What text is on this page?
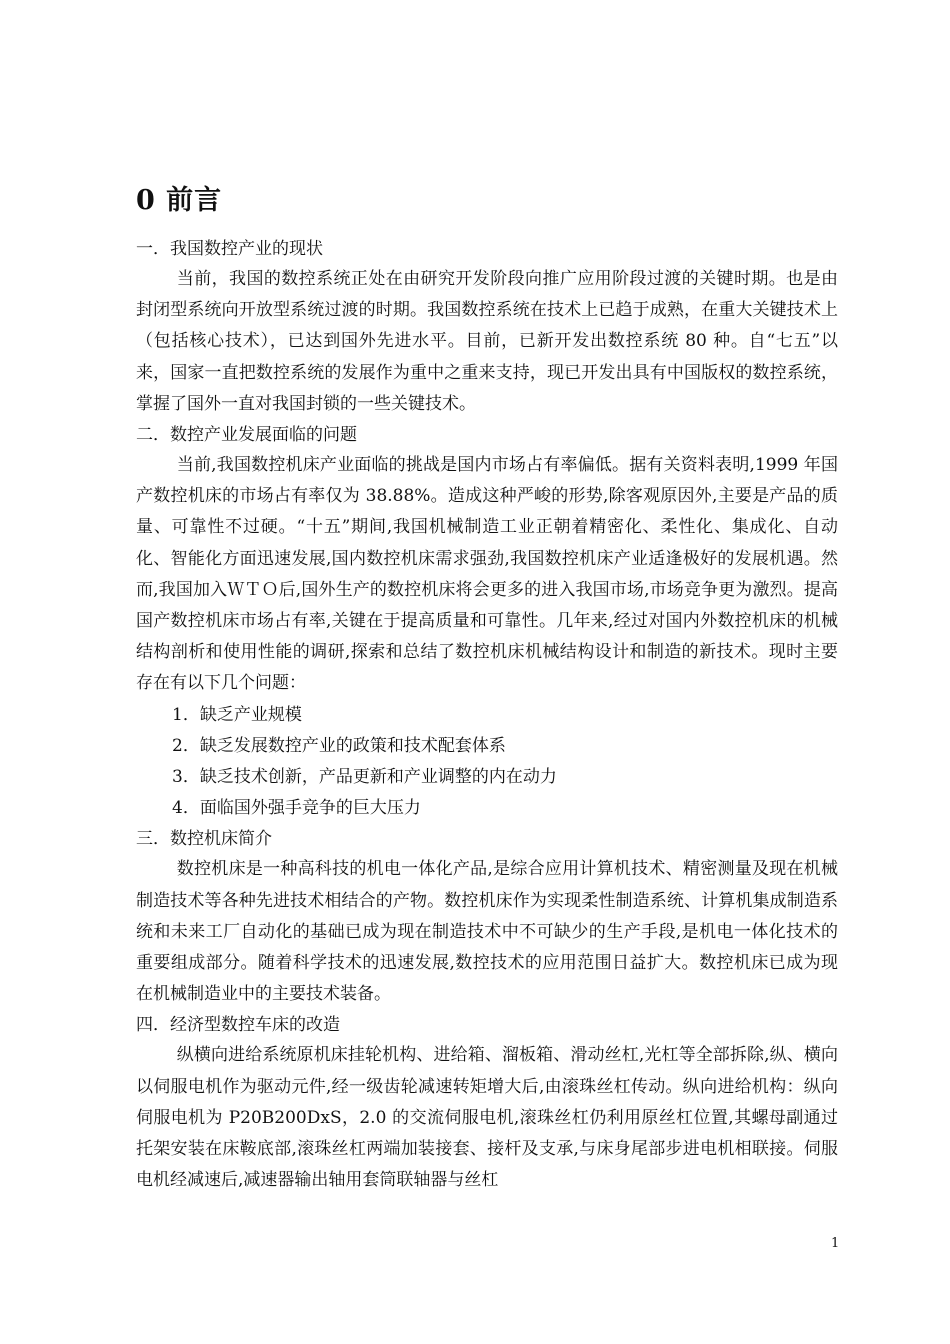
0 前言
一．我国数控产业的现状

当前，我国的数控系统正处在由研究开发阶段向推广应用阶段过渡的关键时期。也是由封闭型系统向开放型系统过渡的时期。我国数控系统在技术上已趋于成熟，在重大关键技术上（包括核心技术），已达到国外先进水平。目前，已新开发出数控系统 80 种。自“七五”以来，国家一直把数控系统的发展作为重中之重来支持，现已开发出具有中国版权的数控系统，掌握了国外一直对我国封锁的一些关键技术。

二．数控产业发展面临的问题

当前,我国数控机床产业面临的挑战是国内市场占有率偏低。据有关资料表明,1999 年国产数控机床的市场占有率仅为 38.88%。造成这种严峻的形势,除客观原因外,主要是产品的质量、可靠性不过硬。“十五”期间,我国机械制造工业正朝着精密化、柔性化、集成化、自动化、智能化方面迅速发展,国内数控机床需求强劲,我国数控机床产业适逢极好的发展机遇。然而,我国加入ＷＴＯ后,国外生产的数控机床将会更多的进入我国市场,市场竞争更为激烈。提高国产数控机床市场占有率,关键在于提高质量和可靠性。几年来,经过对国内外数控机床的机械结构剖析和使用性能的调研,探索和总结了数控机床机械结构设计和制造的新技术。现时主要存在有以下几个问题：

1．缺乏产业规模
2．缺乏发展数控产业的政策和技术配套体系
3．缺乏技术创新，产品更新和产业调整的内在动力
4．面临国外强手竞争的巨大压力
三．数控机床简介

数控机床是一种高科技的机电一体化产品,是综合应用计算机技术、精密测量及现在机械制造技术等各种先进技术相结合的产物。数控机床作为实现柔性制造系统、计算机集成制造系统和未来工厂自动化的基础已成为现在制造技术中不可缺少的生产手段,是机电一体化技术的重要组成部分。随着科学技术的迅速发展,数控技术的应用范围日益扩大。数控机床已成为现在机械制造业中的主要技术装备。

四．经济型数控车床的改造

纵横向进给系统原机床挂轮机构、进给箱、溜板箱、滑动丝杠,光杠等全部拆除,纵、横向以伺服电机作为驱动元件,经一级齿轮减速转矩增大后,由滚珠丝杠传动。纵向进给机构：纵向伺服电机为 P20B200DxS，2.0 的交流伺服电机,滚珠丝杠仍利用原丝杠位置,其螺母副通过托架安装在床鞍底部,滚珠丝杠两端加装接套、接杆及支承,与床身尾部步进电机相联接。伺服电机经减速后,减速器输出轴用套筒联轴器与丝杠

1
